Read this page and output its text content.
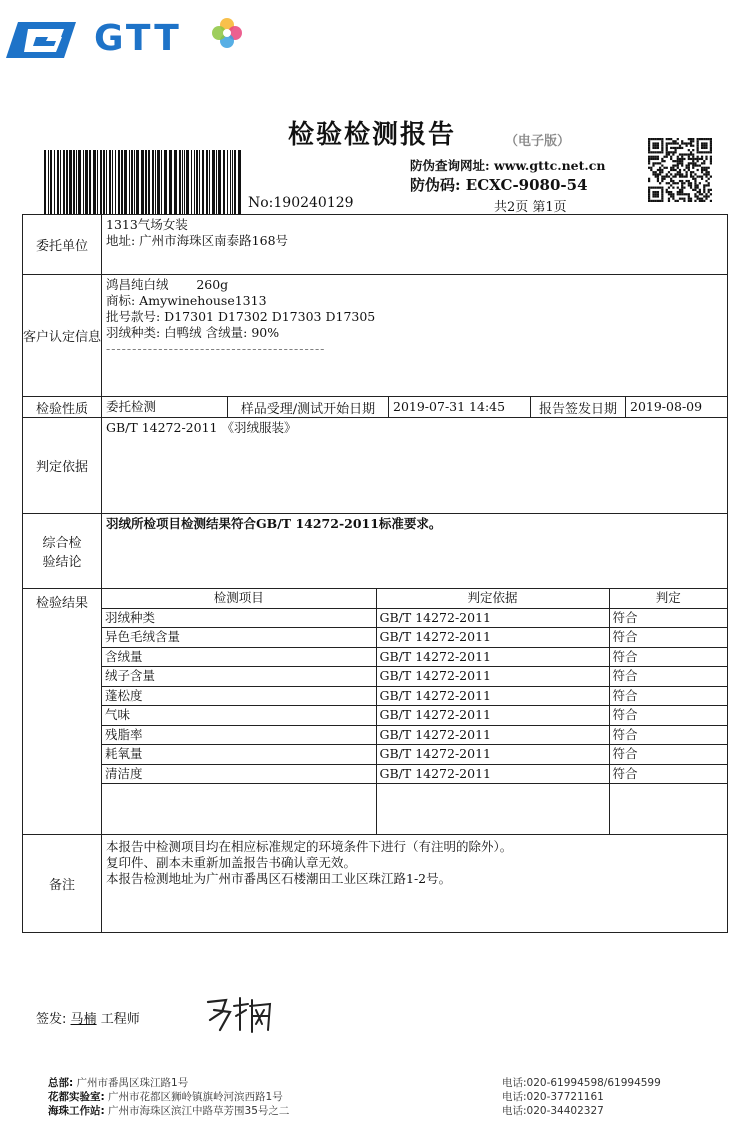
GTT
检验检测报告	（电子版）
No:190240129
防伪查询网址: www.gttc.net.cn
防伪码: ECXC-9080-54
共2页 第1页
委托单位	
1313气场女装
地址: 广州市海珠区南泰路168号

客户认定信息	
鸿昌纯白绒       260g
商标: Amywinehouse1313
批号款号: D17301 D17302 D17303 D17305
羽绒种类: 白鸭绒 含绒量: 90%
------------------------------------------

检验性质	委托检测	样品受理/测试开始日期	2019-07-31 14:45	报告签发日期	2019-08-09

判定依据	
GB/T 14272-2011 《羽绒服装》

综合检验结论	
羽绒所检项目检测结果符合GB/T 14272-2011标准要求。

检验结果		检测项目	判定依据	判定
羽绒种类	GB/T 14272-2011	符合
异色毛绒含量	GB/T 14272-2011	符合
含绒量	GB/T 14272-2011	符合
绒子含量	GB/T 14272-2011	符合
蓬松度	GB/T 14272-2011	符合
气味	GB/T 14272-2011	符合
残脂率	GB/T 14272-2011	符合
耗氧量	GB/T 14272-2011	符合
清洁度	GB/T 14272-2011	符合

备注	
本报告中检测项目均在相应标准规定的环境条件下进行（有注明的除外）。
复印件、副本未重新加盖报告书确认章无效。
本报告检测地址为广州市番禺区石楼潮田工业区珠江路1-2号。
签发: 马楠 工程师
总部: 广州市番禺区珠江路1号
花都实验室: 广州市花都区狮岭镇旗岭河滨西路1号
海珠工作站: 广州市海珠区滨江中路草芳围35号之二
电话:020-61994598/61994599
电话:020-37721161
电话:020-34402327
